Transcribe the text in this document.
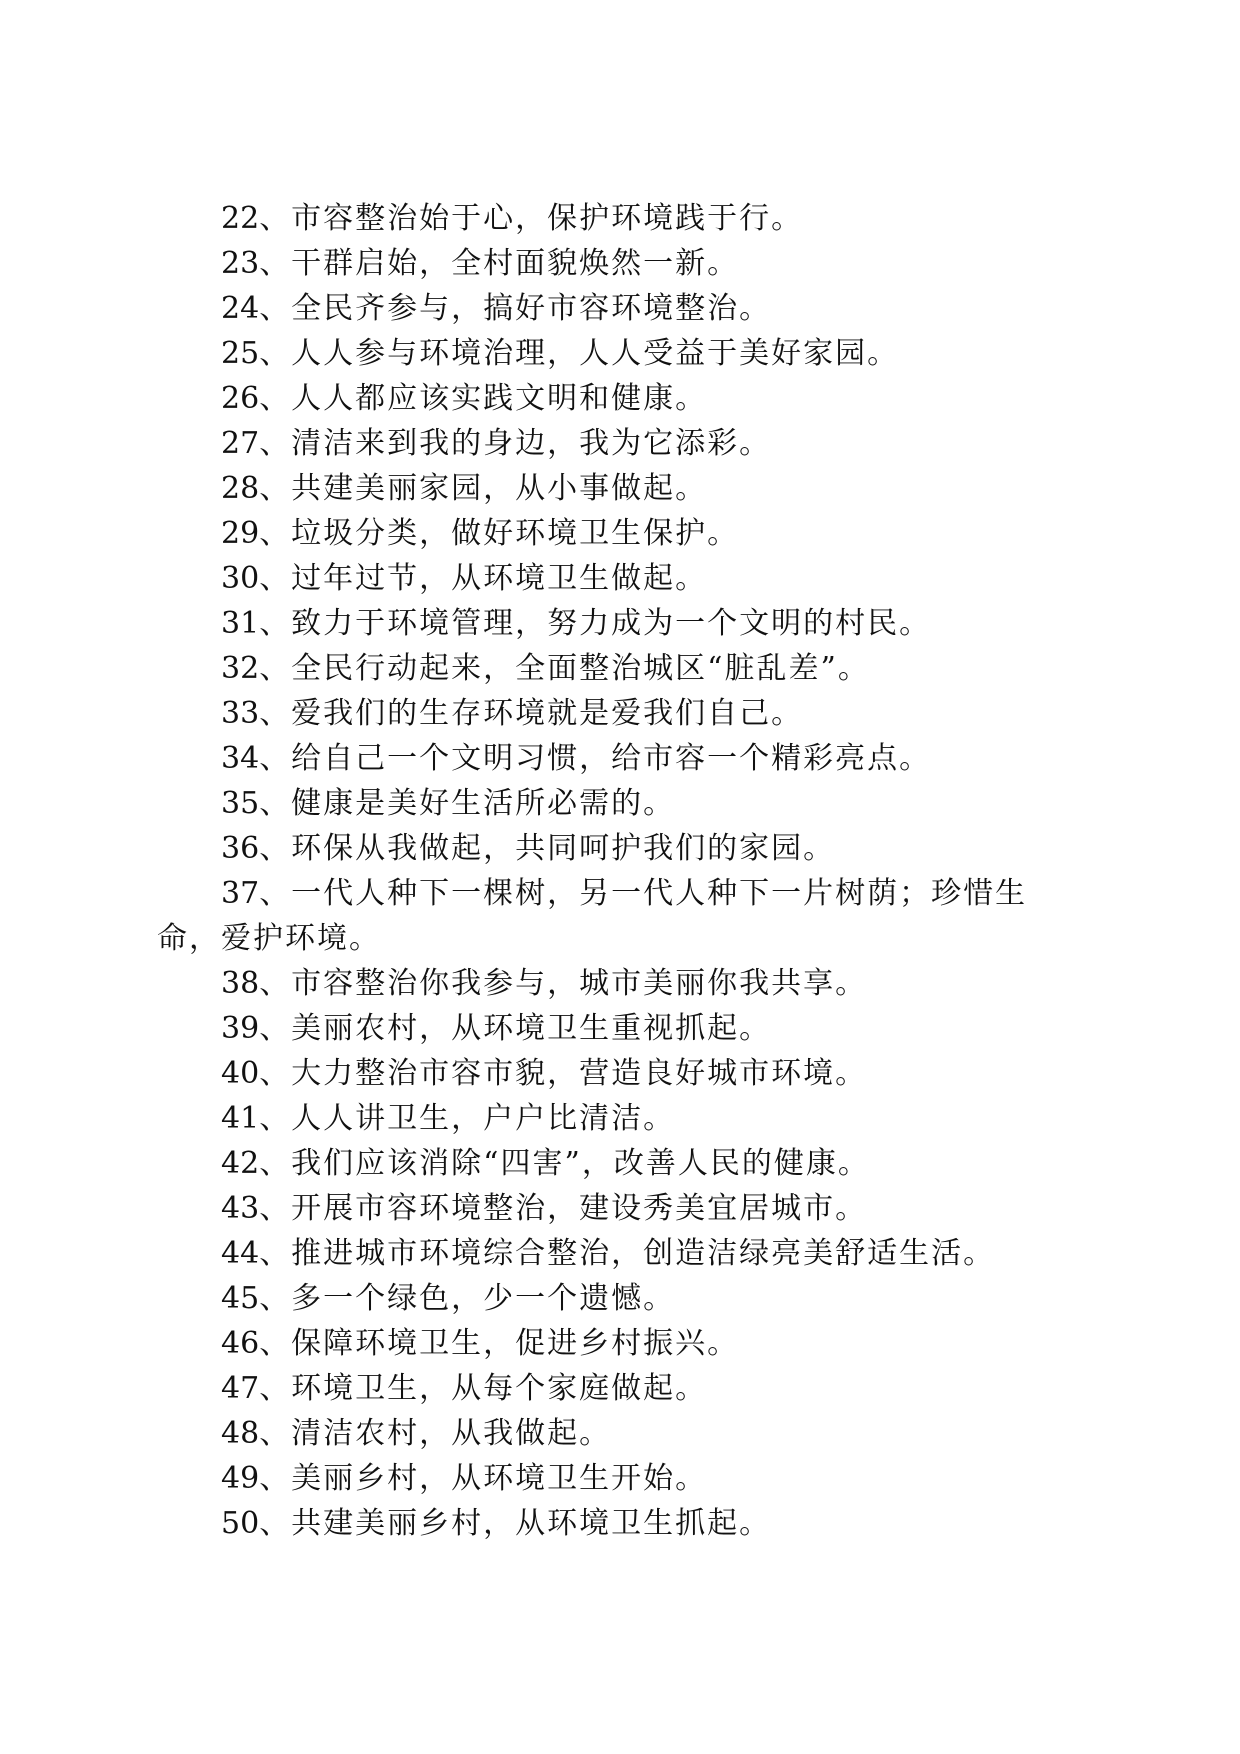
22、市容整治始于心，保护环境践于行。

23、干群启始，全村面貌焕然一新。

24、全民齐参与，搞好市容环境整治。

25、人人参与环境治理，人人受益于美好家园。

26、人人都应该实践文明和健康。

27、清洁来到我的身边，我为它添彩。

28、共建美丽家园，从小事做起。

29、垃圾分类，做好环境卫生保护。

30、过年过节，从环境卫生做起。

31、致力于环境管理，努力成为一个文明的村民。

32、全民行动起来，全面整治城区“脏乱差”。

33、爱我们的生存环境就是爱我们自己。

34、给自己一个文明习惯，给市容一个精彩亮点。

35、健康是美好生活所必需的。

36、环保从我做起，共同呵护我们的家园。

37、一代人种下一棵树，另一代人种下一片树荫；珍惜生命，爱护环境。

38、市容整治你我参与，城市美丽你我共享。

39、美丽农村，从环境卫生重视抓起。

40、大力整治市容市貌，营造良好城市环境。

41、人人讲卫生，户户比清洁。

42、我们应该消除“四害”，改善人民的健康。

43、开展市容环境整治，建设秀美宜居城市。

44、推进城市环境综合整治，创造洁绿亮美舒适生活。

45、多一个绿色，少一个遗憾。

46、保障环境卫生，促进乡村振兴。

47、环境卫生，从每个家庭做起。

48、清洁农村，从我做起。

49、美丽乡村，从环境卫生开始。

50、共建美丽乡村，从环境卫生抓起。
